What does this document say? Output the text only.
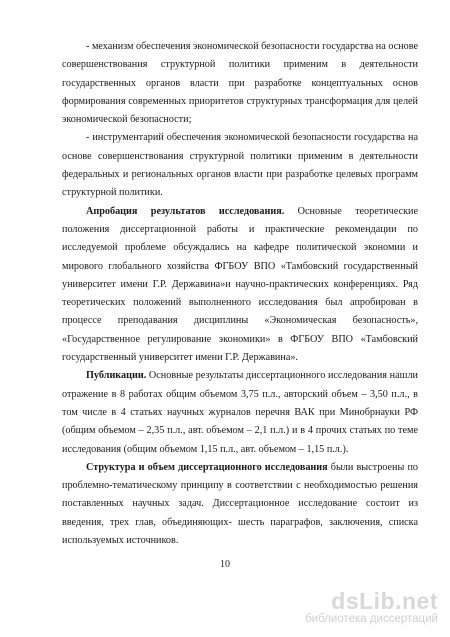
- механизм обеспечения экономической безопасности государства на основе совершенствования структурной политики применим в деятельности государственных органов власти при разработке концептуальных основ формирования современных приоритетов структурных трансформация для целей экономической безопасности;

- инструментарий обеспечения экономической безопасности государства на основе совершенствования структурной политики применим в деятельности федеральных и региональных органов власти при разработке целевых программ структурной политики.

Апробация результатов исследования. Основные теоретические положения диссертационной работы и практические рекомендации по исследуемой проблеме обсуждались на кафедре политической экономии и мирового глобального хозяйства ФГБОУ ВПО «Тамбовский государственный университет имени Г.Р. Державина»и научно-практических конференциях. Ряд теоретических положений выполненного исследования был апробирован в процессе преподавания дисциплины «Экономическая безопасность», «Государственное регулирование экономики» в ФГБОУ ВПО «Тамбовский государственный университет имени Г.Р. Державина».

Публикации. Основные результаты диссертационного исследования нашли отражение в 8 работах общим объемом 3,75 п.л., авторский объем – 3,50 п.л., в том числе в 4 статьях научных журналов перечня ВАК при Минобрнауки РФ (общим объемом – 2,35 п.л., авт. объемом – 2,1 п.л.) и в 4 прочих статьях по теме исследования (общим объемом 1,15 п.л., авт. объемом – 1,15 п.л.).

Структура и объем диссертационного исследования были выстроены по проблемно-тематическому принципу в соответствии с необходимостью решения поставленных научных задач. Диссертационное исследование состоит из введения, трех глав, объединяющих- шесть параграфов, заключения, списка используемых источников.

10
dsLib.net
библиотека диссертаций
